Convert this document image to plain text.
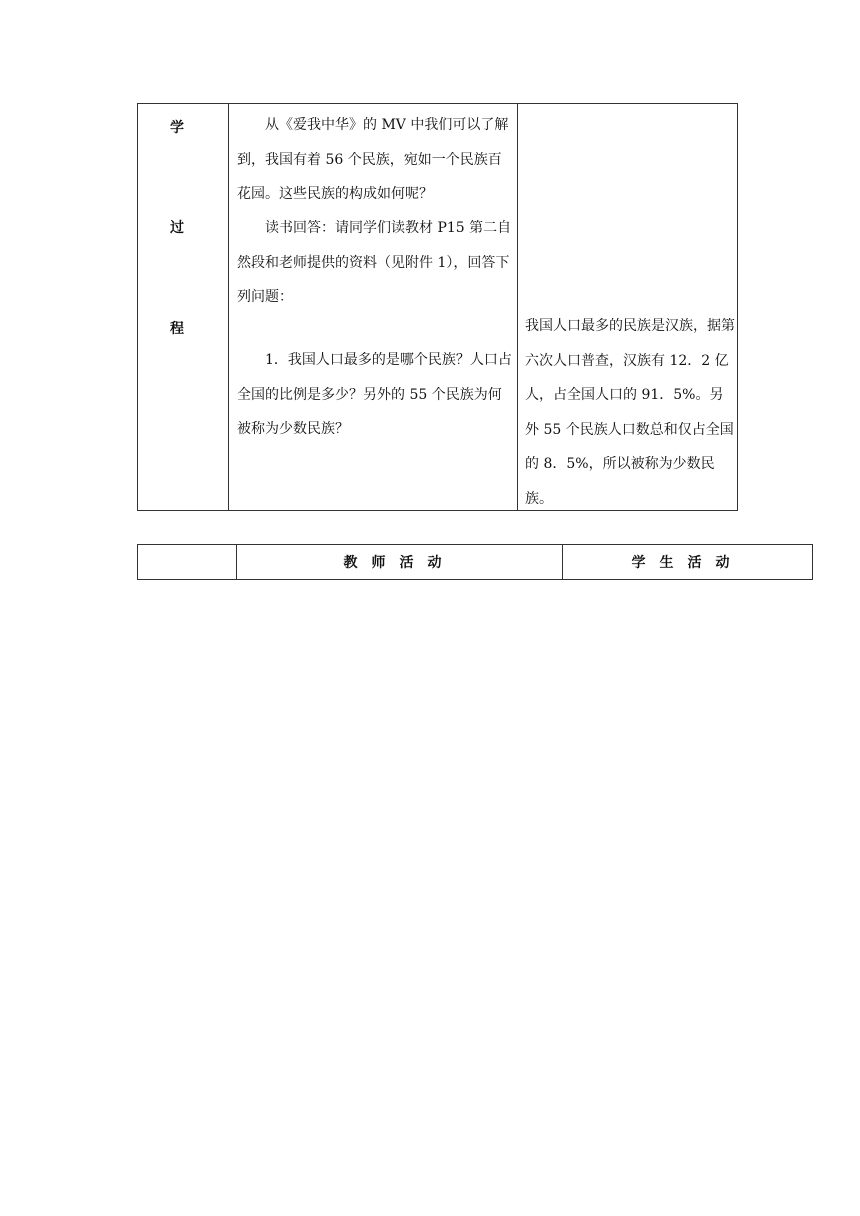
学
过
程

从《爱我中华》的 MV 中我们可以了解到，我国有着 56 个民族，宛如一个民族百花园。这些民族的构成如何呢？

读书回答：请同学们读教材 P15 第二自然段和老师提供的资料（见附件 1），回答下列问题：

1．我国人口最多的是哪个民族？人口占全国的比例是多少？另外的 55 个民族为何被称为少数民族？

我国人口最多的民族是汉族，据第六次人口普查，汉族有 12．2 亿人，占全国人口的 91．5%。另外 55 个民族人口数总和仅占全国的 8．5%，所以被称为少数民族。

教师活动	学生活动
